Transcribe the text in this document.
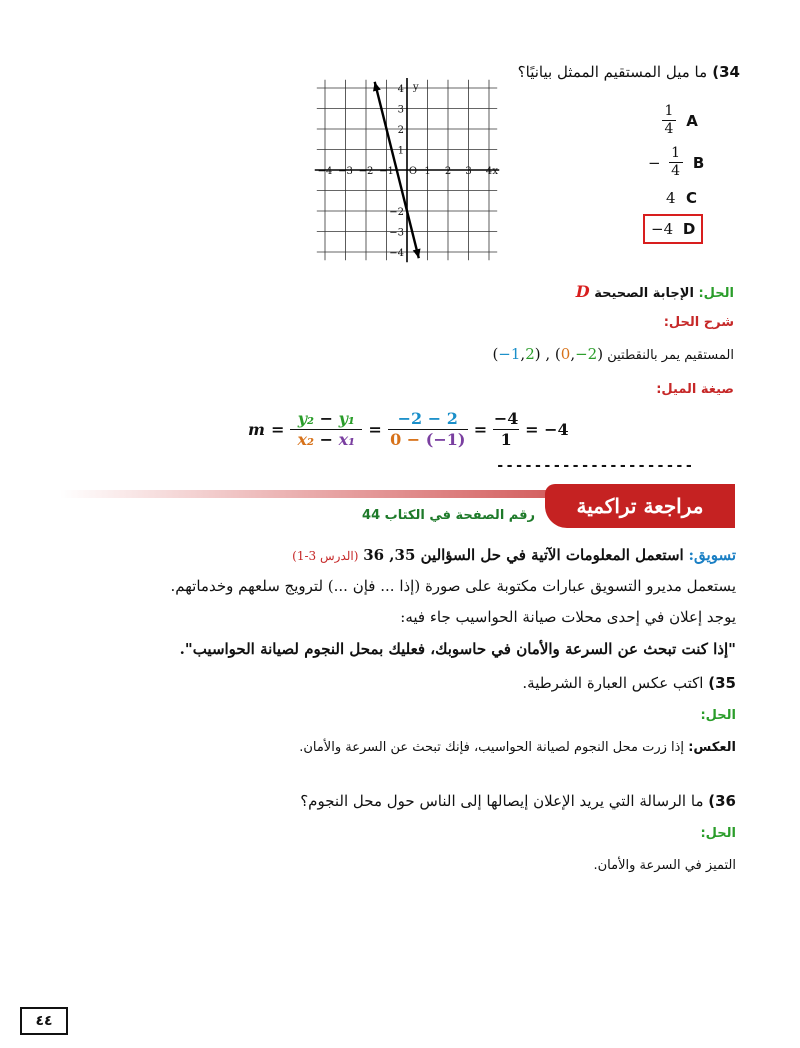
34) ما ميل المستقيم الممثل بيانيًا؟
−4 −3 −2 −1 O 1 2 3 4
4
3
2
1
−2
−3
−4
x
y
$\frac{1}{4}$ A
− $\frac{1}{4}$ B
4 C
−4 D
الحل: الإجابة الصحيحة D
شرح الحل:
المستقيم يمر بالنقطتين (−1,2) , (0,−2)
صيغة الميل:
$m = \frac{\text{y₂ − y₁}}{\text{x₂ − x₁}} = \frac{-2 - 2}{0 - (-1)} = \frac{-4}{1} = -4$
---------------------
مراجعة تراكمية
رقم الصفحة في الكتاب 44
تسويق: استعمل المعلومات الآتية في حل السؤالين 35, 36 (الدرس 3-1)
يستعمل مديرو التسويق عبارات مكتوبة على صورة (إذا ... فإن ...) لترويج سلعهم وخدماتهم.
يوجد إعلان في إحدى محلات صيانة الحواسيب جاء فيه:
"إذا كنت تبحث عن السرعة والأمان في حاسوبك، فعليك بمحل النجوم لصيانة الحواسيب".
35) اكتب عكس العبارة الشرطية.
الحل:
العكس: إذا زرت محل النجوم لصيانة الحواسيب، فإنك تبحث عن السرعة والأمان.
36) ما الرسالة التي يريد الإعلان إيصالها إلى الناس حول محل النجوم؟
الحل:
التميز في السرعة والأمان.
٤٤
